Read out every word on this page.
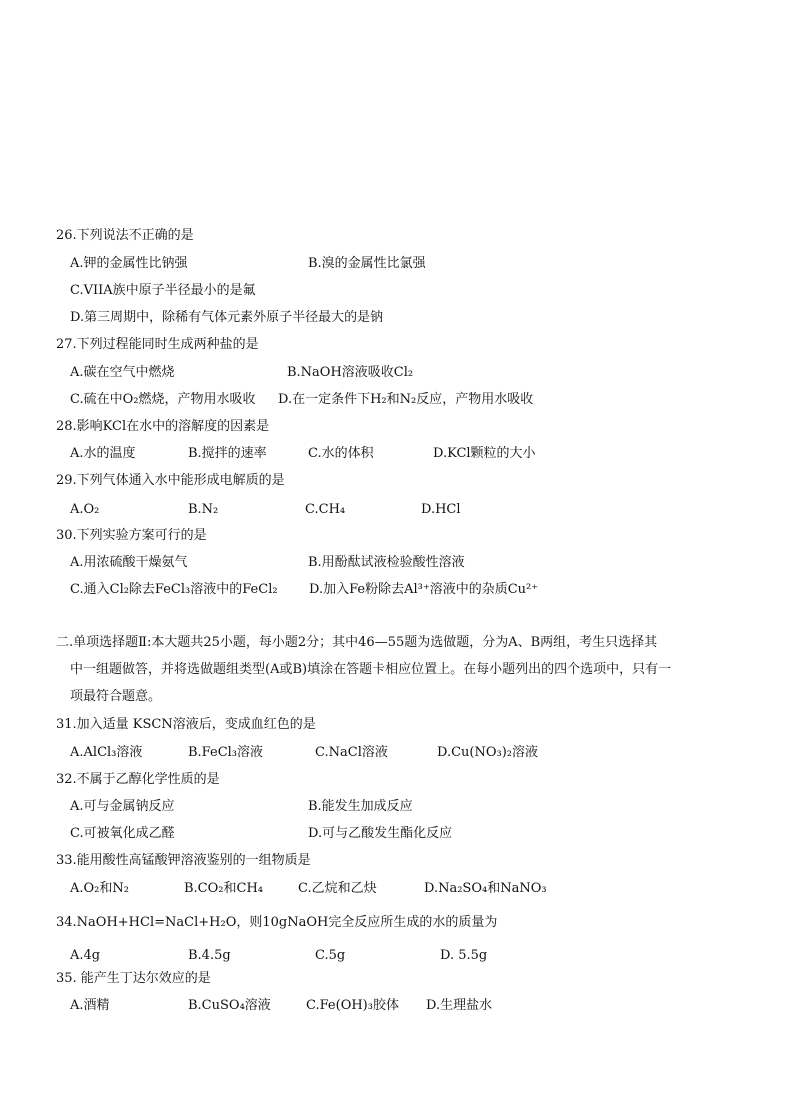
26.下列说法不正确的是
A.钾的金属性比钠强	B.溴的金属性比氯强
C.VIIA族中原子半径最小的是氟
D.第三周期中，除稀有气体元素外原子半径最大的是钠
27.下列过程能同时生成两种盐的是
A.碳在空气中燃烧	B.NaOH溶液吸收Cl₂
C.硫在中O₂燃烧，产物用水吸收 D.在一定条件下H₂和N₂反应，产物用水吸收
28.影响KCl在水中的溶解度的因素是
A.水的温度	B.搅拌的速率	C.水的体积	D.KCl颗粒的大小
29.下列气体通入水中能形成电解质的是
A.O₂	B.N₂	C.CH₄	D.HCl
30.下列实验方案可行的是
A.用浓硫酸干燥氨气	B.用酚酞试液检验酸性溶液
C.通入Cl₂除去FeCl₃溶液中的FeCl₂ D.加入Fe粉除去Al³⁺溶液中的杂质Cu²⁺
二.单项选择题Ⅱ:本大题共25小题，每小题2分；其中46—55题为选做题，分为A、B两组，考生只选择其
中一组题做答，并将选做题组类型(A或B)填涂在答题卡相应位置上。在每小题列出的四个选项中，只有一
项最符合题意。
31.加入适量 KSCN溶液后，变成血红色的是
A.AlCl₃溶液	B.FeCl₃溶液	C.NaCl溶液	D.Cu(NO₃)₂溶液
32.不属于乙醇化学性质的是
A.可与金属钠反应	B.能发生加成反应
C.可被氧化成乙醛	D.可与乙酸发生酯化反应
33.能用酸性高锰酸钾溶液鉴别的一组物质是
A.O₂和N₂	B.CO₂和CH₄	C.乙烷和乙炔	D.Na₂SO₄和NaNO₃
34.NaOH+HCl=NaCl+H₂O，则10gNaOH完全反应所生成的水的质量为
A.4g	B.4.5g	C.5g	D. 5.5g
35. 能产生丁达尔效应的是
A.酒精	B.CuSO₄溶液	C.Fe(OH)₃胶体 D.生理盐水
